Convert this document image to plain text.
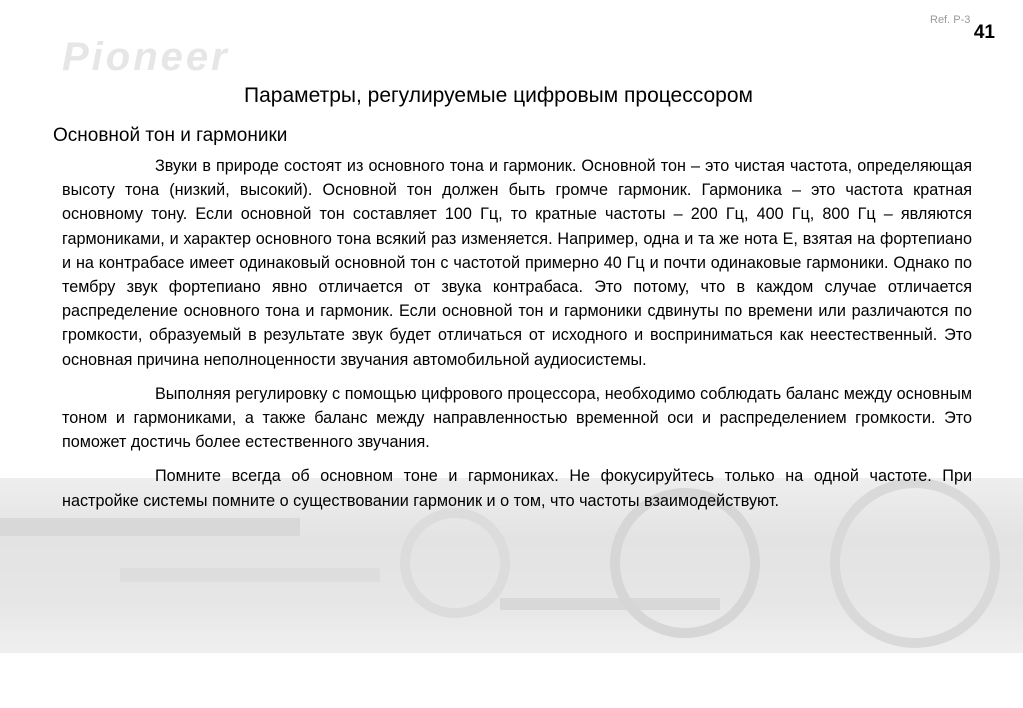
Pioneer
Ref. P-3
41
Параметры, регулируемые цифровым процессором
Основной тон и гармоники

Звуки в природе состоят из основного тона и гармоник. Основной тон – это чистая частота, определяющая высоту тона (низкий, высокий). Основной тон должен быть громче гармоник. Гармоника – это частота кратная основному тону. Если основной тон составляет 100 Гц, то кратные частоты – 200 Гц, 400 Гц, 800 Гц – являются гармониками, и характер основного тона всякий раз изменяется. Например, одна и та же нота Е, взятая на фортепиано и на контрабасе имеет одинаковый основной тон с частотой примерно 40 Гц и почти одинаковые гармоники. Однако по тембру звук фортепиано явно отличается от звука контрабаса. Это потому, что в каждом случае отличается распределение основного тона и гармоник. Если основной тон и гармоники сдвинуты по времени или различаются по громкости, образуемый в результате звук будет отличаться от исходного и восприниматься как неестественный. Это основная причина неполноценности звучания автомобильной аудиосистемы.

Выполняя регулировку с помощью цифрового процессора, необходимо соблюдать баланс между основным тоном и гармониками, а также баланс между направленностью временной оси и распределением громкости. Это поможет достичь более естественного звучания.

Помните всегда об основном тоне и гармониках. Не фокусируйтесь только на одной частоте. При настройке системы помните о существовании гармоник и о том, что частоты взаимодействуют.
